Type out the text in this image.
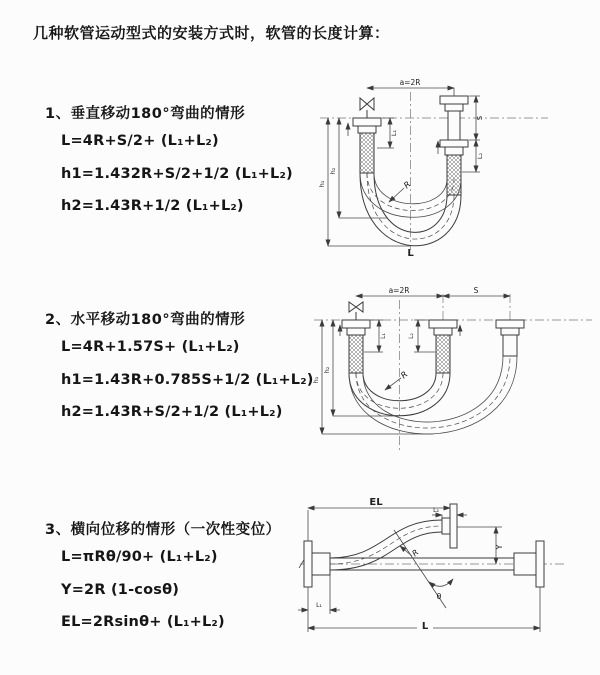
几种软管运动型式的安装方式时，软管的长度计算：
1、垂直移动180°弯曲的情形
L=4R+S/2+ (L₁+L₂)
h1=1.432R+S/2+1/2 (L₁+L₂)
h2=1.43R+1/2 (L₁+L₂)
a=2R
L₁
S
L₂
h₁
h₂
R
L
2、水平移动180°弯曲的情形
L=4R+1.57S+ (L₁+L₂)
h1=1.43R+0.785S+1/2 (L₁+L₂)
h2=1.43R+S/2+1/2 (L₁+L₂)
a=2R	S
L₁	L₂
h₁
h₂	R
3、横向位移的情形（一次性变位）
L=πRθ/90+ (L₁+L₂)
Y=2R (1-cosθ)
EL=2Rsinθ+ (L₁+L₂)
EL
L₂
Y
R
θ
L₁
L
